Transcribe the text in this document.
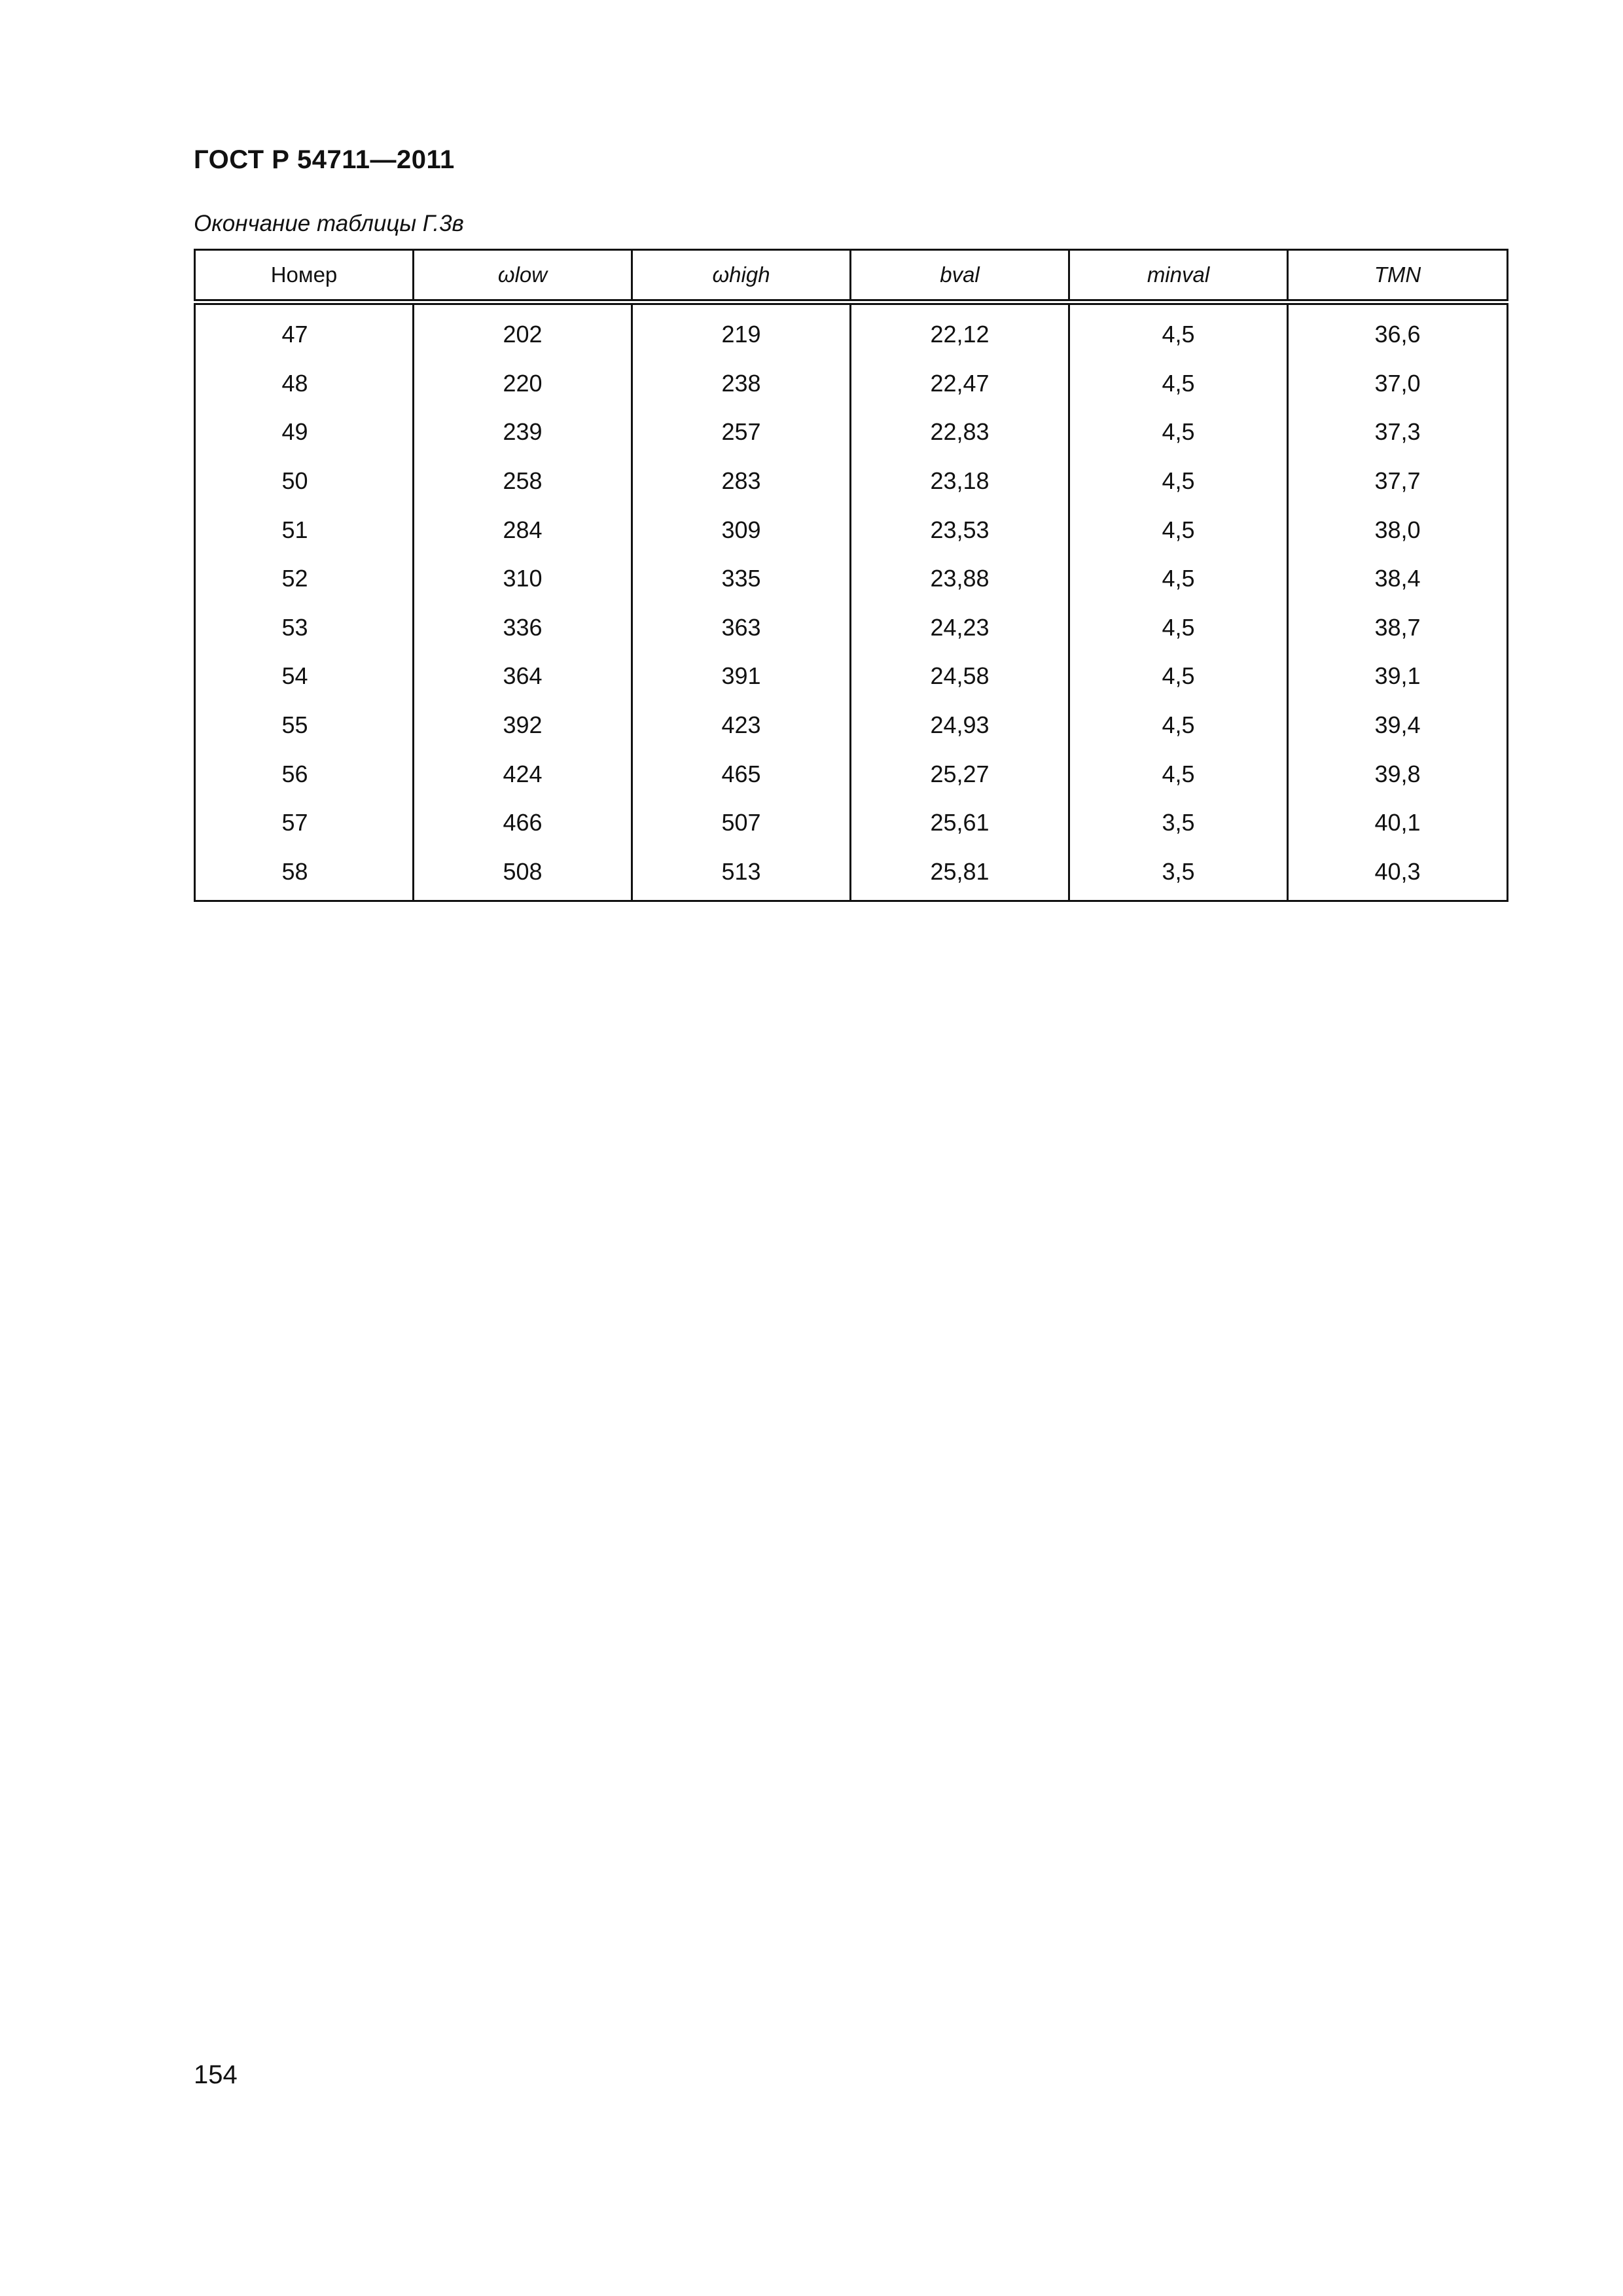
ГОСТ Р 54711—2011

Окончание таблицы Г.3в

Номер	ωlow	ωhigh	bval	minval	TMN
47	202	219	22,12	4,5	36,6
48	220	238	22,47	4,5	37,0
49	239	257	22,83	4,5	37,3
50	258	283	23,18	4,5	37,7
51	284	309	23,53	4,5	38,0
52	310	335	23,88	4,5	38,4
53	336	363	24,23	4,5	38,7
54	364	391	24,58	4,5	39,1
55	392	423	24,93	4,5	39,4
56	424	465	25,27	4,5	39,8
57	466	507	25,61	3,5	40,1
58	508	513	25,81	3,5	40,3

154
